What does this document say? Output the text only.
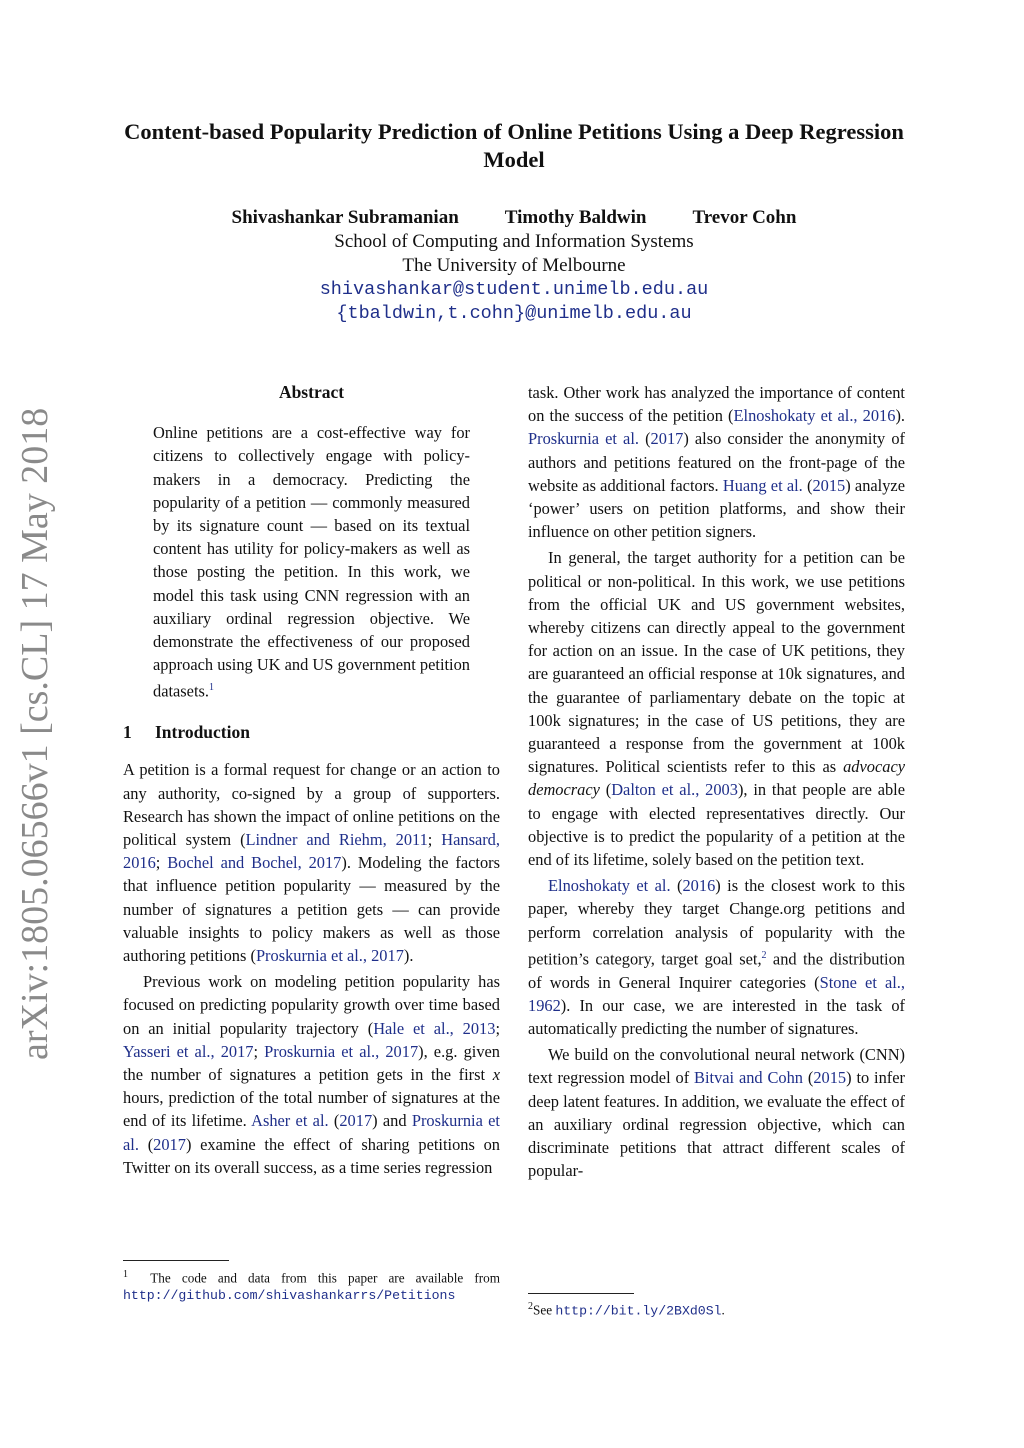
arXiv:1805.06566v1 [cs.CL] 17 May 2018
Content-based Popularity Prediction of Online Petitions Using a Deep Regression Model
Shivashankar Subramanian Timothy Baldwin Trevor Cohn
School of Computing and Information Systems
The University of Melbourne
shivashankar@student.unimelb.edu.au
{tbaldwin,t.cohn}@unimelb.edu.au
Abstract
Online petitions are a cost-effective way for citizens to collectively engage with policy-makers in a democracy. Predicting the popularity of a petition — commonly measured by its signature count — based on its textual content has utility for policy-makers as well as those posting the petition. In this work, we model this task using CNN regression with an auxiliary ordinal regression objective. We demonstrate the effectiveness of our proposed approach using UK and US government petition datasets.$^1$
1 Introduction

A petition is a formal request for change or an action to any authority, co-signed by a group of supporters. Research has shown the impact of online petitions on the political system (Lindner and Riehm, 2011; Hansard, 2016; Bochel and Bochel, 2017). Modeling the factors that influence petition popularity — measured by the number of signatures a petition gets — can provide valuable insights to policy makers as well as those authoring petitions (Proskurnia et al., 2017).

Previous work on modeling petition popularity has focused on predicting popularity growth over time based on an initial popularity trajectory (Hale et al., 2013; Yasseri et al., 2017; Proskurnia et al., 2017), e.g. given the number of signatures a petition gets in the first x hours, prediction of the total number of signatures at the end of its lifetime. Asher et al. (2017) and Proskurnia et al. (2017) examine the effect of sharing petitions on Twitter on its overall success, as a time series regression

task. Other work has analyzed the importance of content on the success of the petition (Elnoshokaty et al., 2016). Proskurnia et al. (2017) also consider the anonymity of authors and petitions featured on the front-page of the website as additional factors. Huang et al. (2015) analyze ‘power’ users on petition platforms, and show their influence on other petition signers.

In general, the target authority for a petition can be political or non-political. In this work, we use petitions from the official UK and US government websites, whereby citizens can directly appeal to the government for action on an issue. In the case of UK petitions, they are guaranteed an official response at 10k signatures, and the guarantee of parliamentary debate on the topic at 100k signatures; in the case of US petitions, they are guaranteed a response from the government at 100k signatures. Political scientists refer to this as advocacy democracy (Dalton et al., 2003), in that people are able to engage with elected representatives directly. Our objective is to predict the popularity of a petition at the end of its lifetime, solely based on the petition text.

Elnoshokaty et al. (2016) is the closest work to this paper, whereby they target Change.org petitions and perform correlation analysis of popularity with the petition’s category, target goal set,$^2$ and the distribution of words in General Inquirer categories (Stone et al., 1962). In our case, we are interested in the task of automatically predicting the number of signatures.

We build on the convolutional neural network (CNN) text regression model of Bitvai and Cohn (2015) to infer deep latent features. In addition, we evaluate the effect of an auxiliary ordinal regression objective, which can discriminate petitions that attract different scales of popular-

$^1$ The code and data from this paper are available from http://github.com/shivashankarrs/Petitions
$^2$See http://bit.ly/2BXd0Sl.
